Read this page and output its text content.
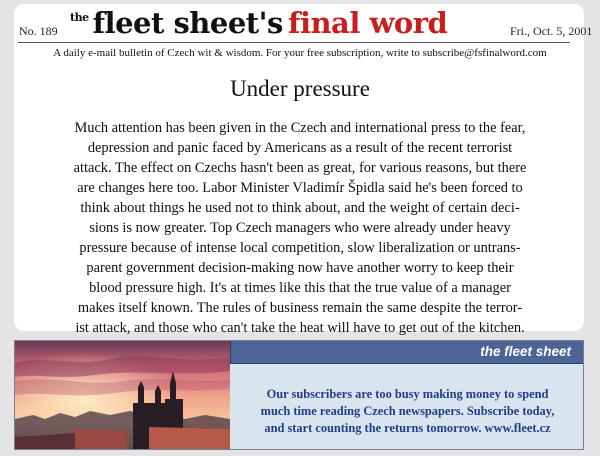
No. 189
$^{the}$ fleet sheet's final word	Fri., Oct. 5, 2001
A daily e-mail bulletin of Czech wit & wisdom. For your free subscription, write to subscribe@fsfinalword.com
Under pressure
Much attention has been given in the Czech and international press to the fear,
depression and panic faced by Americans as a result of the recent terrorist
attack. The effect on Czechs hasn't been as great, for various reasons, but there
are changes here too. Labor Minister Vladimír Špidla said he's been forced to
think about things he used not to think about, and the weight of certain deci-
sions is now greater. Top Czech managers who were already under heavy
pressure because of intense local competition, slow liberalization or untrans-
parent government decision-making now have another worry to keep their
blood pressure high. It's at times like this that the true value of a manager
makes itself known. The rules of business remain the same despite the terror-
ist attack, and those who can't take the heat will have to get out of the kitchen.
the fleet sheet
Our subscribers are too busy making money to spend
much time reading Czech newspapers. Subscribe today,
and start counting the returns tomorrow. www.fleet.cz
